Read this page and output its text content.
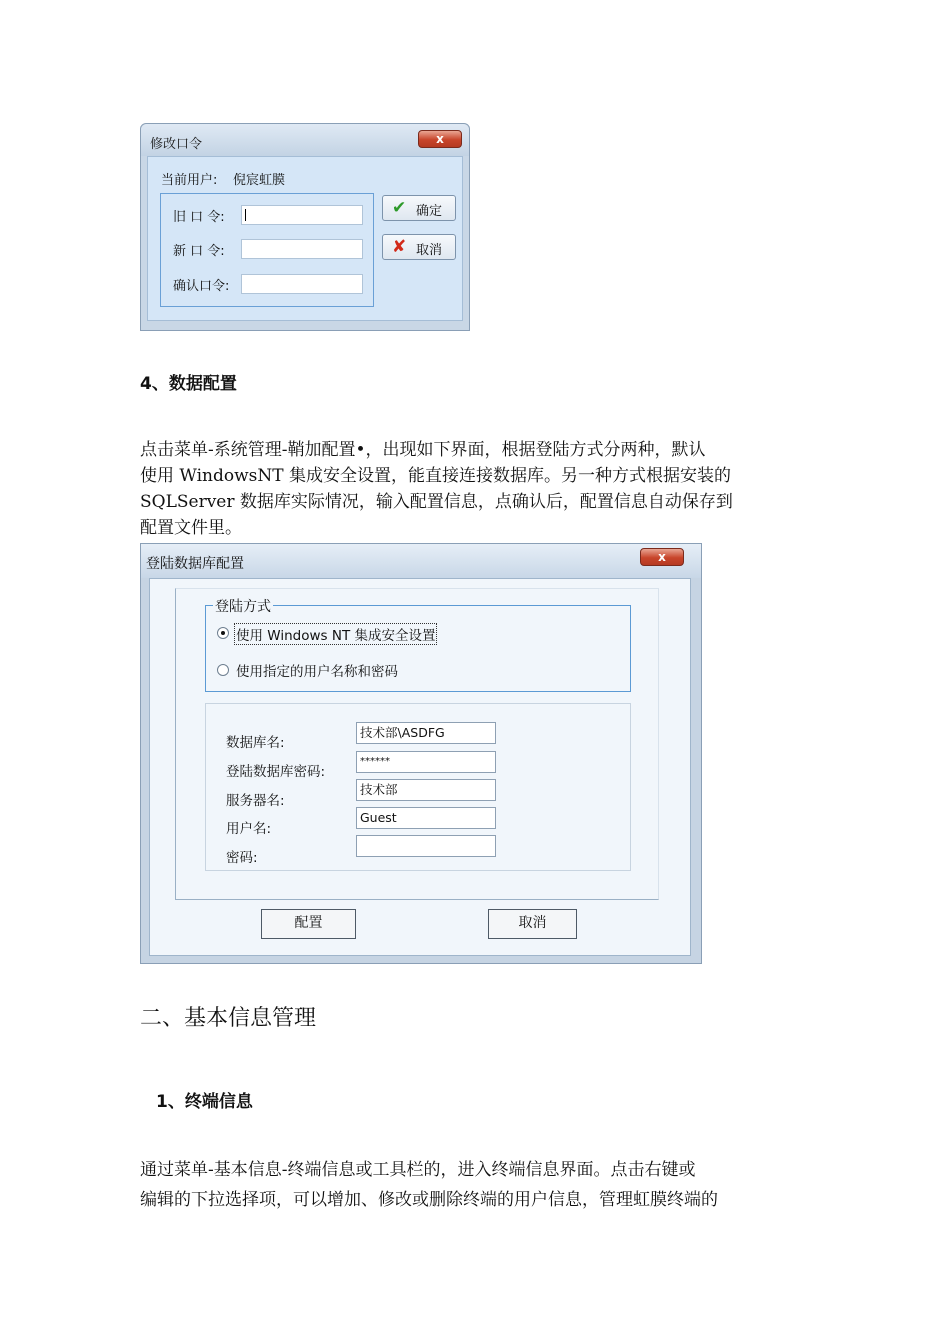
修改口令	x
当前用户: 倪宸虹膜
旧 口 令:
新 口 令:
确认口令:
✔ 确定
✘ 取消
4、数据配置
点击菜单-系统管理-鞘加配置•，出现如下界面，根据登陆方式分两种，默认
使用 WindowsNT 集成安全设置，能直接连接数据库。另一种方式根据安装的
SQLServer 数据库实际情况，输入配置信息，点确认后，配置信息自动保存到
配置文件里。
登陆数据库配置	x
登陆方式
使用 Windows NT 集成安全设置
使用指定的用户名称和密码
数据库名:
技术部\ASDFG
登陆数据库密码:
******
服务器名:
技术部
用户名:
Guest
密码:
配置	取消
二、基本信息管理
1、终端信息
通过菜单-基本信息-终端信息或工具栏的，进入终端信息界面。点击右键或
编辑的下拉选择项，可以增加、修改或删除终端的用户信息，管理虹膜终端的
